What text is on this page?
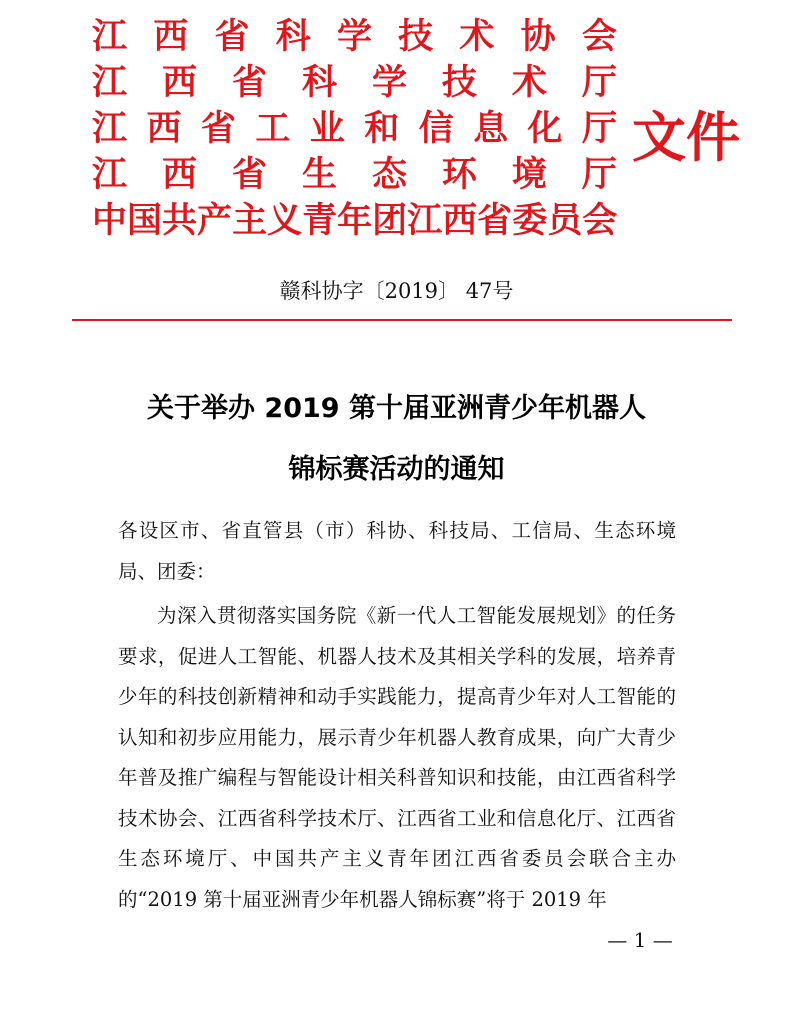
江 西 省 科 学 技 术 协 会
江 西 省 科 学 技 术 厅
江 西 省 工 业 和 信 息 化 厅
江 西 省 生 态 环 境 厅
中 国 共 产 主 义 青 年 团 江 西 省 委 员 会
文件
赣科协字〔2019〕 47号
关于举办 2019 第十届亚洲青少年机器人
锦标赛活动的通知
各设区市、省直管县（市）科协、科技局、工信局、生态环境局、团委：
为深入贯彻落实国务院《新一代人工智能发展规划》的任务要求，促进人工智能、机器人技术及其相关学科的发展，培养青少年的科技创新精神和动手实践能力，提高青少年对人工智能的认知和初步应用能力，展示青少年机器人教育成果，向广大青少年普及推广编程与智能设计相关科普知识和技能，由江西省科学技术协会、江西省科学技术厅、江西省工业和信息化厅、江西省生态环境厅、中国共产主义青年团江西省委员会联合主办的“2019 第十届亚洲青少年机器人锦标赛”将于 2019 年
— 1 —
